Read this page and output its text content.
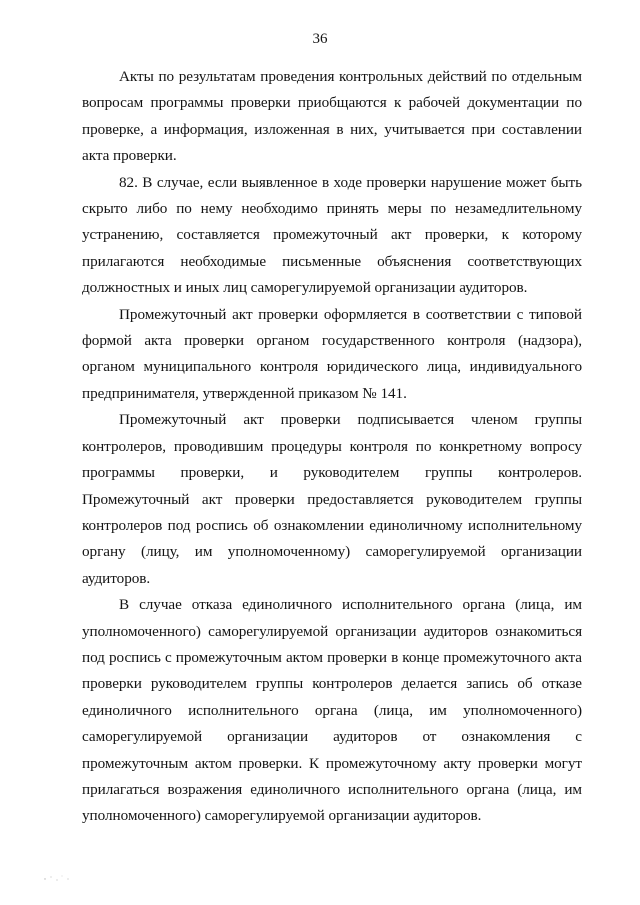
36

Акты по результатам проведения контрольных действий по отдельным вопросам программы проверки приобщаются к рабочей документации по проверке, а информация, изложенная в них, учитывается при составлении акта проверки.

82. В случае, если выявленное в ходе проверки нарушение может быть скрыто либо по нему необходимо принять меры по незамедлительному устранению, составляется промежуточный акт проверки, к которому прилагаются необходимые письменные объяснения соответствующих должностных и иных лиц саморегулируемой организации аудиторов.

Промежуточный акт проверки оформляется в соответствии с типовой формой акта проверки органом государственного контроля (надзора), органом муниципального контроля юридического лица, индивидуального предпринимателя, утвержденной приказом № 141.

Промежуточный акт проверки подписывается членом группы контролеров, проводившим процедуры контроля по конкретному вопросу программы проверки, и руководителем группы контролеров. Промежуточный акт проверки предоставляется руководителем группы контролеров под роспись об ознакомлении единоличному исполнительному органу (лицу, им уполномоченному) саморегулируемой организации аудиторов.

В случае отказа единоличного исполнительного органа (лица, им уполномоченного) саморегулируемой организации аудиторов ознакомиться под роспись с промежуточным актом проверки в конце промежуточного акта проверки руководителем группы контролеров делается запись об отказе единоличного исполнительного органа (лица, им уполномоченного) саморегулируемой организации аудиторов от ознакомления с промежуточным актом проверки. К промежуточному акту проверки могут прилагаться возражения единоличного исполнительного органа (лица, им уполномоченного) саморегулируемой организации аудиторов.
